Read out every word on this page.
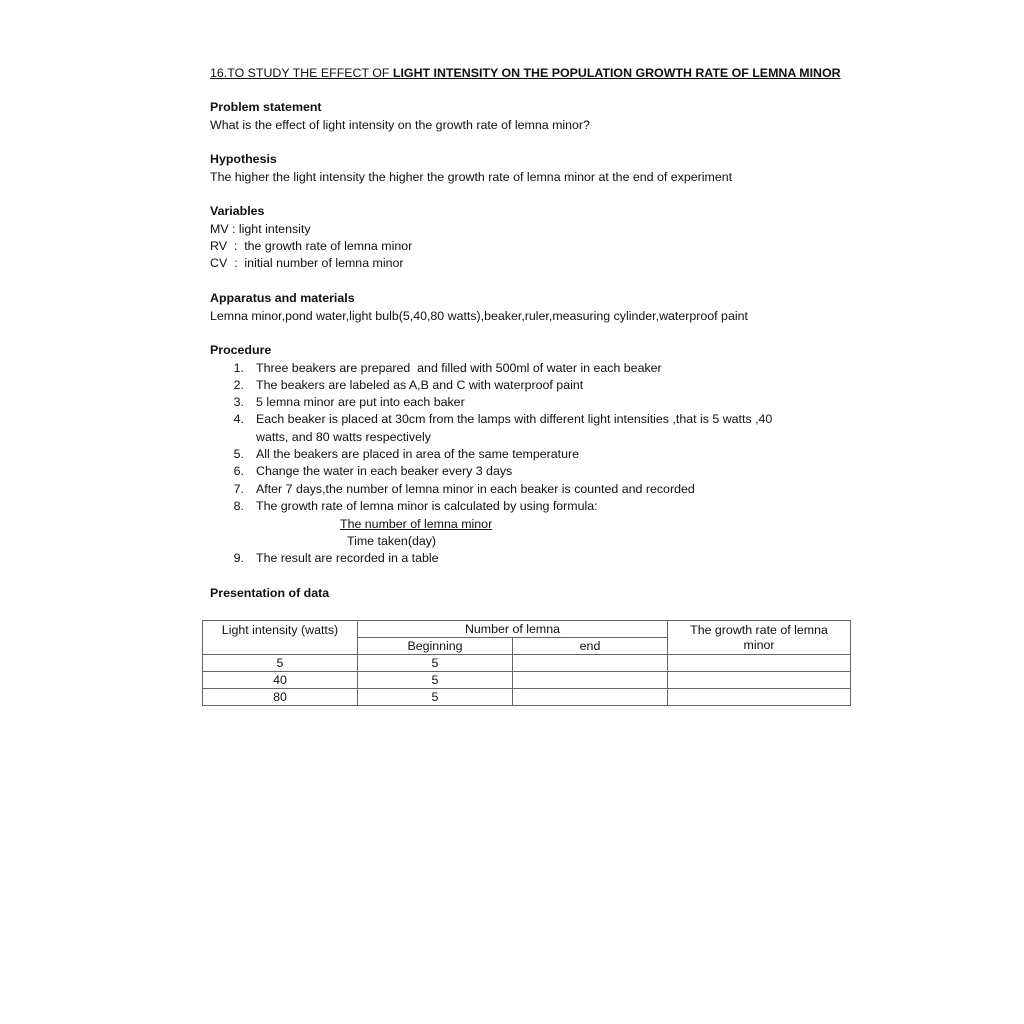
16.TO STUDY THE EFFECT OF LIGHT INTENSITY ON THE POPULATION GROWTH RATE OF LEMNA MINOR
Problem statement
What is the effect of light intensity on the growth rate of lemna minor?
Hypothesis
The higher the light intensity the higher the growth rate of lemna minor at the end of experiment
Variables
MV : light intensity
RV  :  the growth rate of lemna minor
CV  :  initial number of lemna minor
Apparatus and materials
Lemna minor,pond water,light bulb(5,40,80 watts),beaker,ruler,measuring cylinder,waterproof paint
Procedure
1. Three beakers are prepared  and filled with 500ml of water in each beaker
2. The beakers are labeled as A,B and C with waterproof paint
3. 5 lemna minor are put into each baker
4. Each beaker is placed at 30cm from the lamps with different light intensities ,that is 5 watts ,40
watts, and 80 watts respectively
5. All the beakers are placed in area of the same temperature
6. Change the water in each beaker every 3 days
7. After 7 days,the number of lemna minor in each beaker is counted and recorded
8. The growth rate of lemna minor is calculated by using formula:
The number of lemna minor
Time taken(day)
9. The result are recorded in a table
Presentation of data
Light intensity (watts)	Number of lemna		The growth rate of lemna minor
	Beginning	end	
5	5		
40	5		
80	5		
